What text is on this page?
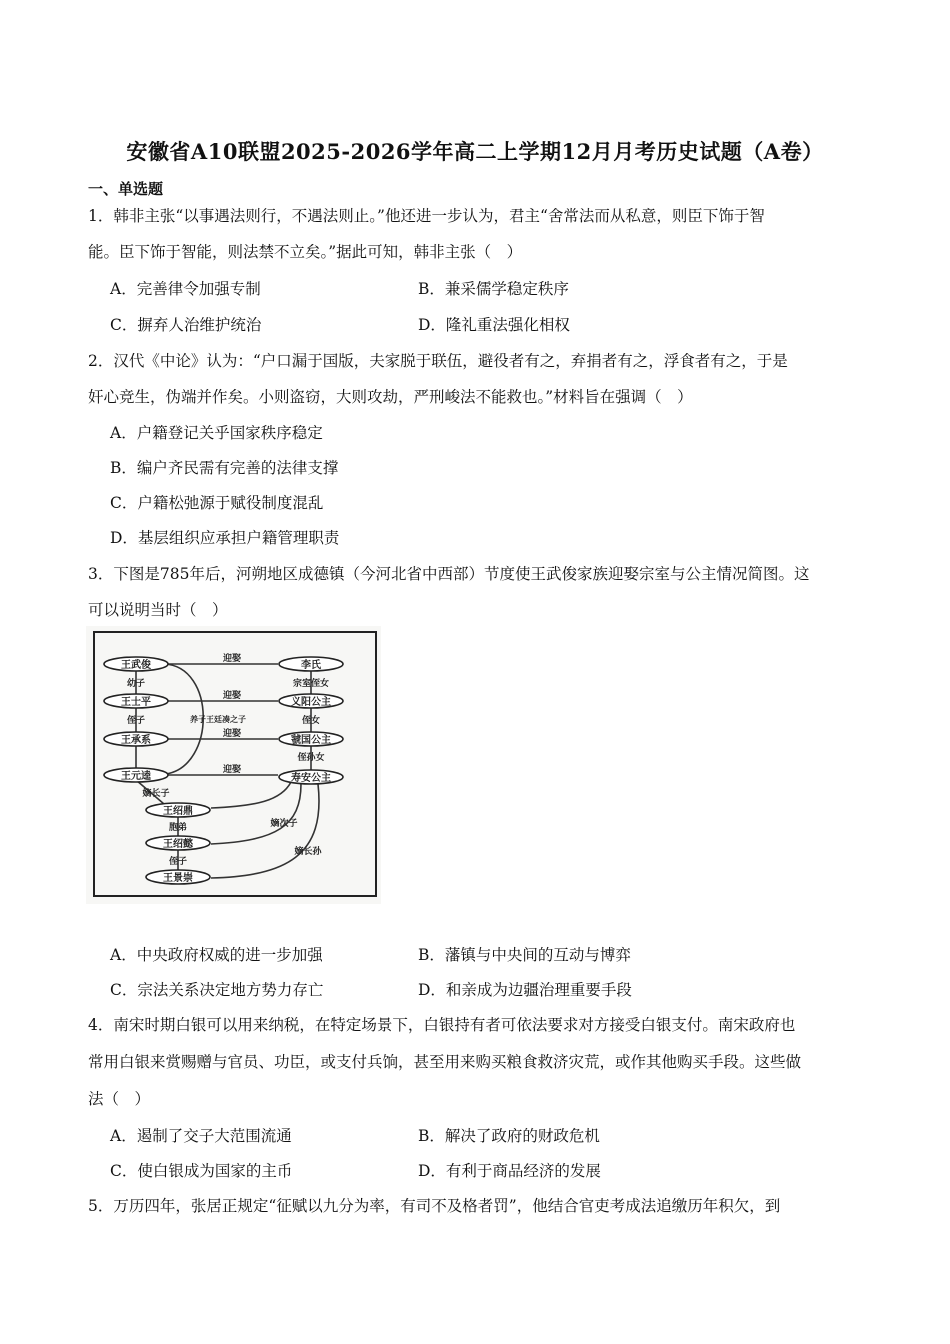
安徽省A10联盟2025-2026学年高二上学期12月月考历史试题（A卷）
一、单选题
1．韩非主张“以事遇法则行，不遇法则止。”他还进一步认为，君主“舍常法而从私意，则臣下饰于智
能。臣下饰于智能，则法禁不立矣。”据此可知，韩非主张（　）
A．完善律令加强专制	B．兼采儒学稳定秩序
C．摒弃人治维护统治	D．隆礼重法强化相权
2．汉代《中论》认为：“户口漏于国版，夫家脱于联伍，避役者有之，弃捐者有之，浮食者有之，于是
奸心竞生，伪端并作矣。小则盗窃，大则攻劫，严刑峻法不能救也。”材料旨在强调（　）
A．户籍登记关乎国家秩序稳定
B．编户齐民需有完善的法律支撑
C．户籍松弛源于赋役制度混乱
D．基层组织应承担户籍管理职责
3．下图是785年后，河朔地区成德镇（今河北省中西部）节度使王武俊家族迎娶宗室与公主情况简图。这
可以说明当时（　）
王武俊
王士平
王承系
王元逵
王绍鼎
王绍懿
王景崇
李氏
义阳公主
虢国公主
寿安公主
迎娶
迎娶
迎娶
迎娶
幼子
侄子
嫡长子
胞弟
侄子
宗室侄女
侄女
侄孙女
养子王廷凑之子
嫡次子
嫡长孙
A．中央政府权威的进一步加强	B．藩镇与中央间的互动与博弈
C．宗法关系决定地方势力存亡	D．和亲成为边疆治理重要手段
4．南宋时期白银可以用来纳税，在特定场景下，白银持有者可依法要求对方接受白银支付。南宋政府也
常用白银来赏赐赠与官员、功臣，或支付兵饷，甚至用来购买粮食救济灾荒，或作其他购买手段。这些做
法（　）
A．遏制了交子大范围流通	B．解决了政府的财政危机
C．使白银成为国家的主币	D．有利于商品经济的发展
5．万历四年，张居正规定“征赋以九分为率，有司不及格者罚”，他结合官吏考成法追缴历年积欠，到
